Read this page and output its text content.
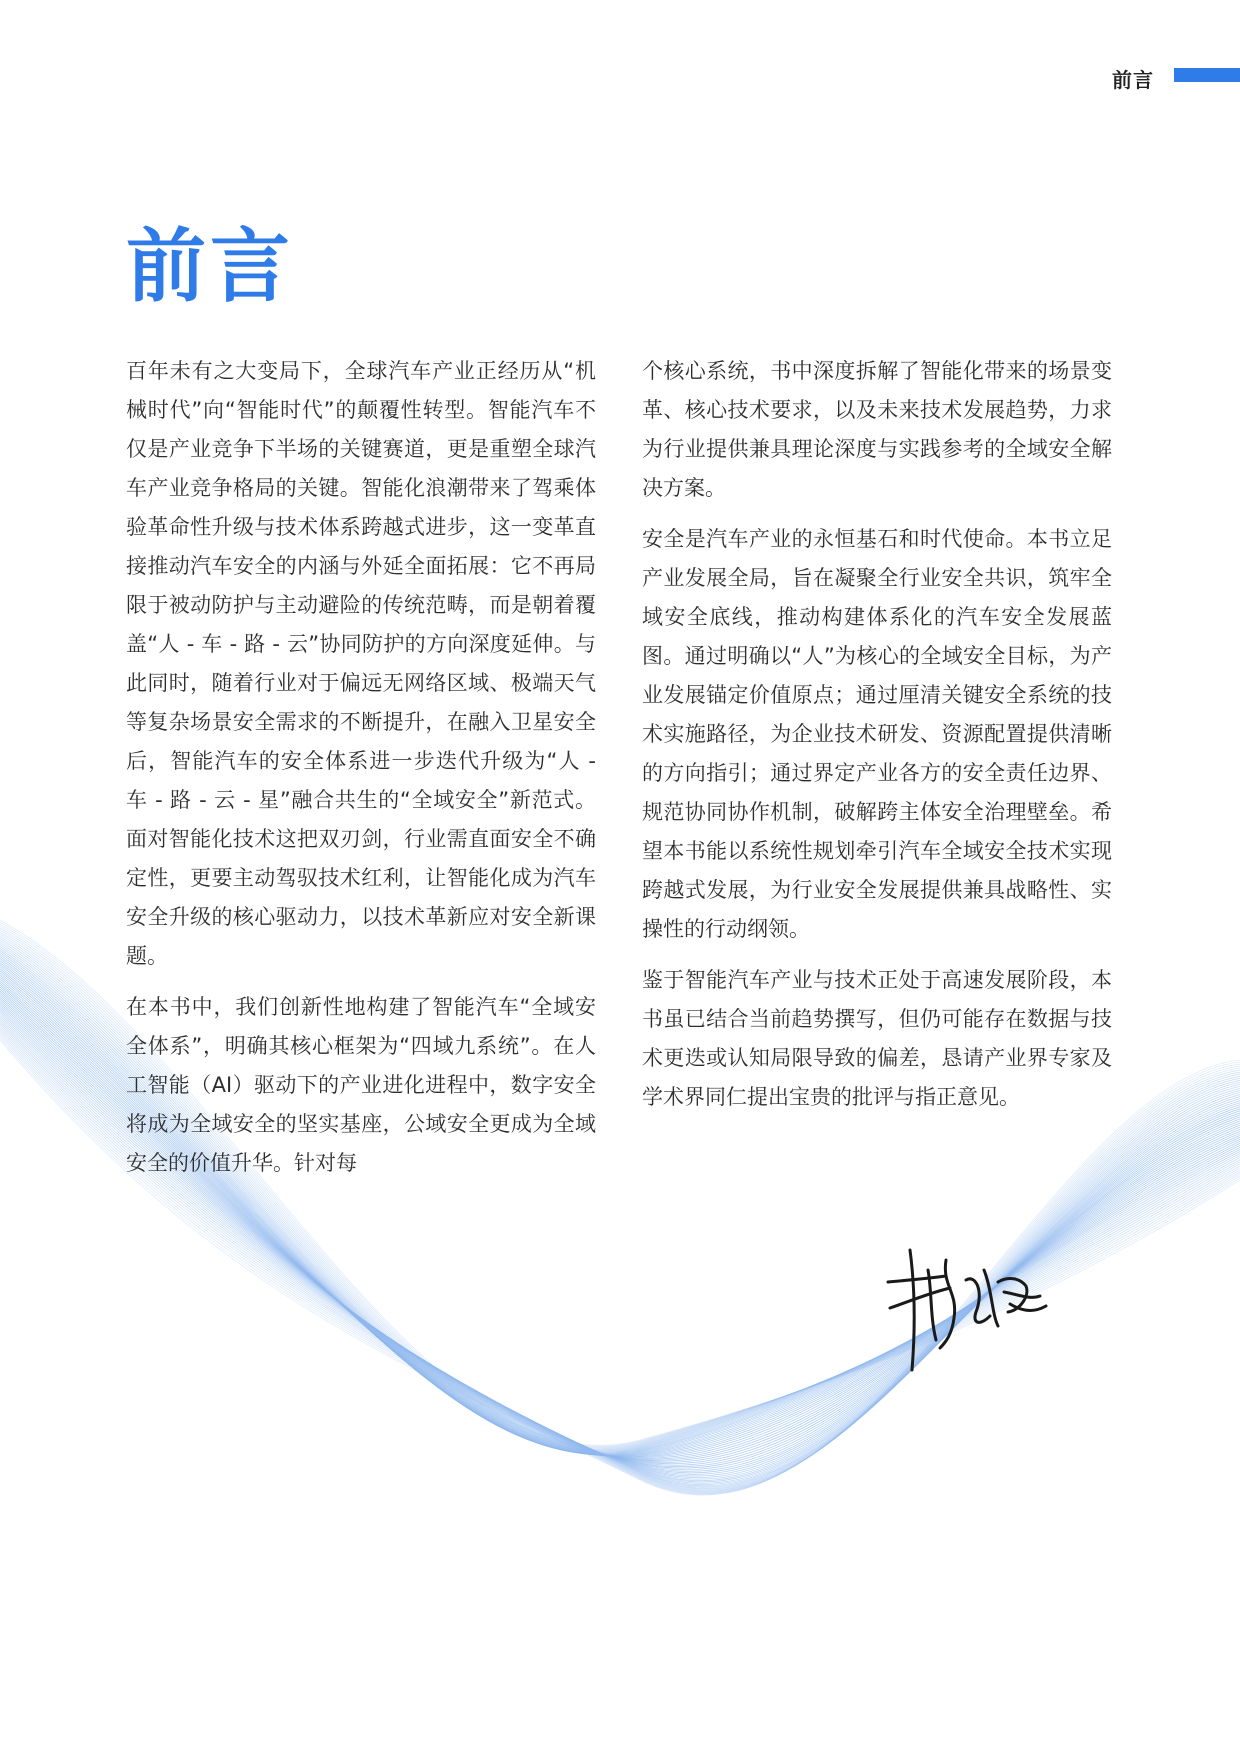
前言
前言

百年未有之大变局下，全球汽车产业正经历从“机械时代”向“智能时代”的颠覆性转型。智能汽车不仅是产业竞争下半场的关键赛道，更是重塑全球汽车产业竞争格局的关键。智能化浪潮带来了驾乘体验革命性升级与技术体系跨越式进步，这一变革直接推动汽车安全的内涵与外延全面拓展：它不再局限于被动防护与主动避险的传统范畴，而是朝着覆盖“人 - 车 - 路 - 云”协同防护的方向深度延伸。与此同时，随着行业对于偏远无网络区域、极端天气等复杂场景安全需求的不断提升，在融入卫星安全后，智能汽车的安全体系进一步迭代升级为“人 - 车 - 路 - 云 - 星”融合共生的“全域安全”新范式。面对智能化技术这把双刃剑，行业需直面安全不确定性，更要主动驾驭技术红利，让智能化成为汽车安全升级的核心驱动力，以技术革新应对安全新课题。

在本书中，我们创新性地构建了智能汽车“全域安全体系”，明确其核心框架为“四域九系统”。在人工智能（AI）驱动下的产业进化进程中，数字安全将成为全域安全的坚实基座，公域安全更成为全域安全的价值升华。针对每

个核心系统，书中深度拆解了智能化带来的场景变革、核心技术要求，以及未来技术发展趋势，力求为行业提供兼具理论深度与实践参考的全域安全解决方案。

安全是汽车产业的永恒基石和时代使命。本书立足产业发展全局，旨在凝聚全行业安全共识，筑牢全域安全底线，推动构建体系化的汽车安全发展蓝图。通过明确以“人”为核心的全域安全目标，为产业发展锚定价值原点；通过厘清关键安全系统的技术实施路径，为企业技术研发、资源配置提供清晰的方向指引；通过界定产业各方的安全责任边界、规范协同协作机制，破解跨主体安全治理壁垒。希望本书能以系统性规划牵引汽车全域安全技术实现跨越式发展，为行业安全发展提供兼具战略性、实操性的行动纲领。

鉴于智能汽车产业与技术正处于高速发展阶段，本书虽已结合当前趋势撰写，但仍可能存在数据与技术更迭或认知局限导致的偏差，恳请产业界专家及学术界同仁提出宝贵的批评与指正意见。
